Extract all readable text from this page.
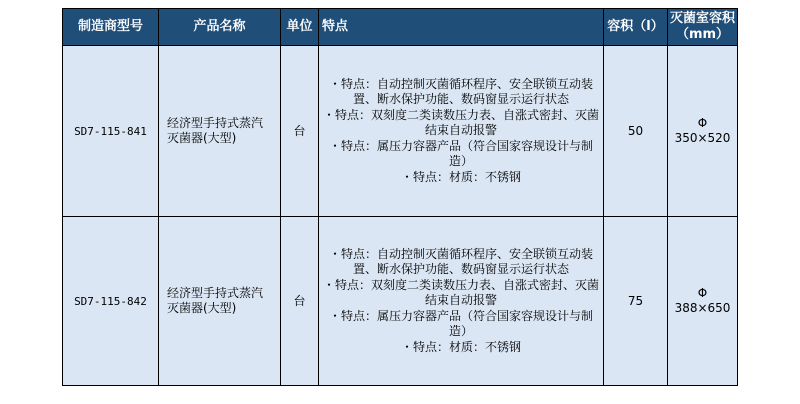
制造商型号	产品名称	单位	特点	容积（l）	灭菌室容积（mm）
SD7-115-841	经济型手持式蒸汽灭菌器(大型)	台	・特点：自动控制灭菌循环程序、安全联锁互动装置、断水保护功能、数码窗显示运行状态
・特点：双刻度二类读数压力表、自涨式密封、灭菌结束自动报警
・特点：属压力容器产品（符合国家容规设计与制造）
・特点：材质：不锈钢	50	Φ
350×520

SD7-115-842	经济型手持式蒸汽灭菌器(大型)	台	・特点：自动控制灭菌循环程序、安全联锁互动装置、断水保护功能、数码窗显示运行状态
・特点：双刻度二类读数压力表、自涨式密封、灭菌结束自动报警
・特点：属压力容器产品（符合国家容规设计与制造）
・特点：材质：不锈钢	75	Φ
388×650
